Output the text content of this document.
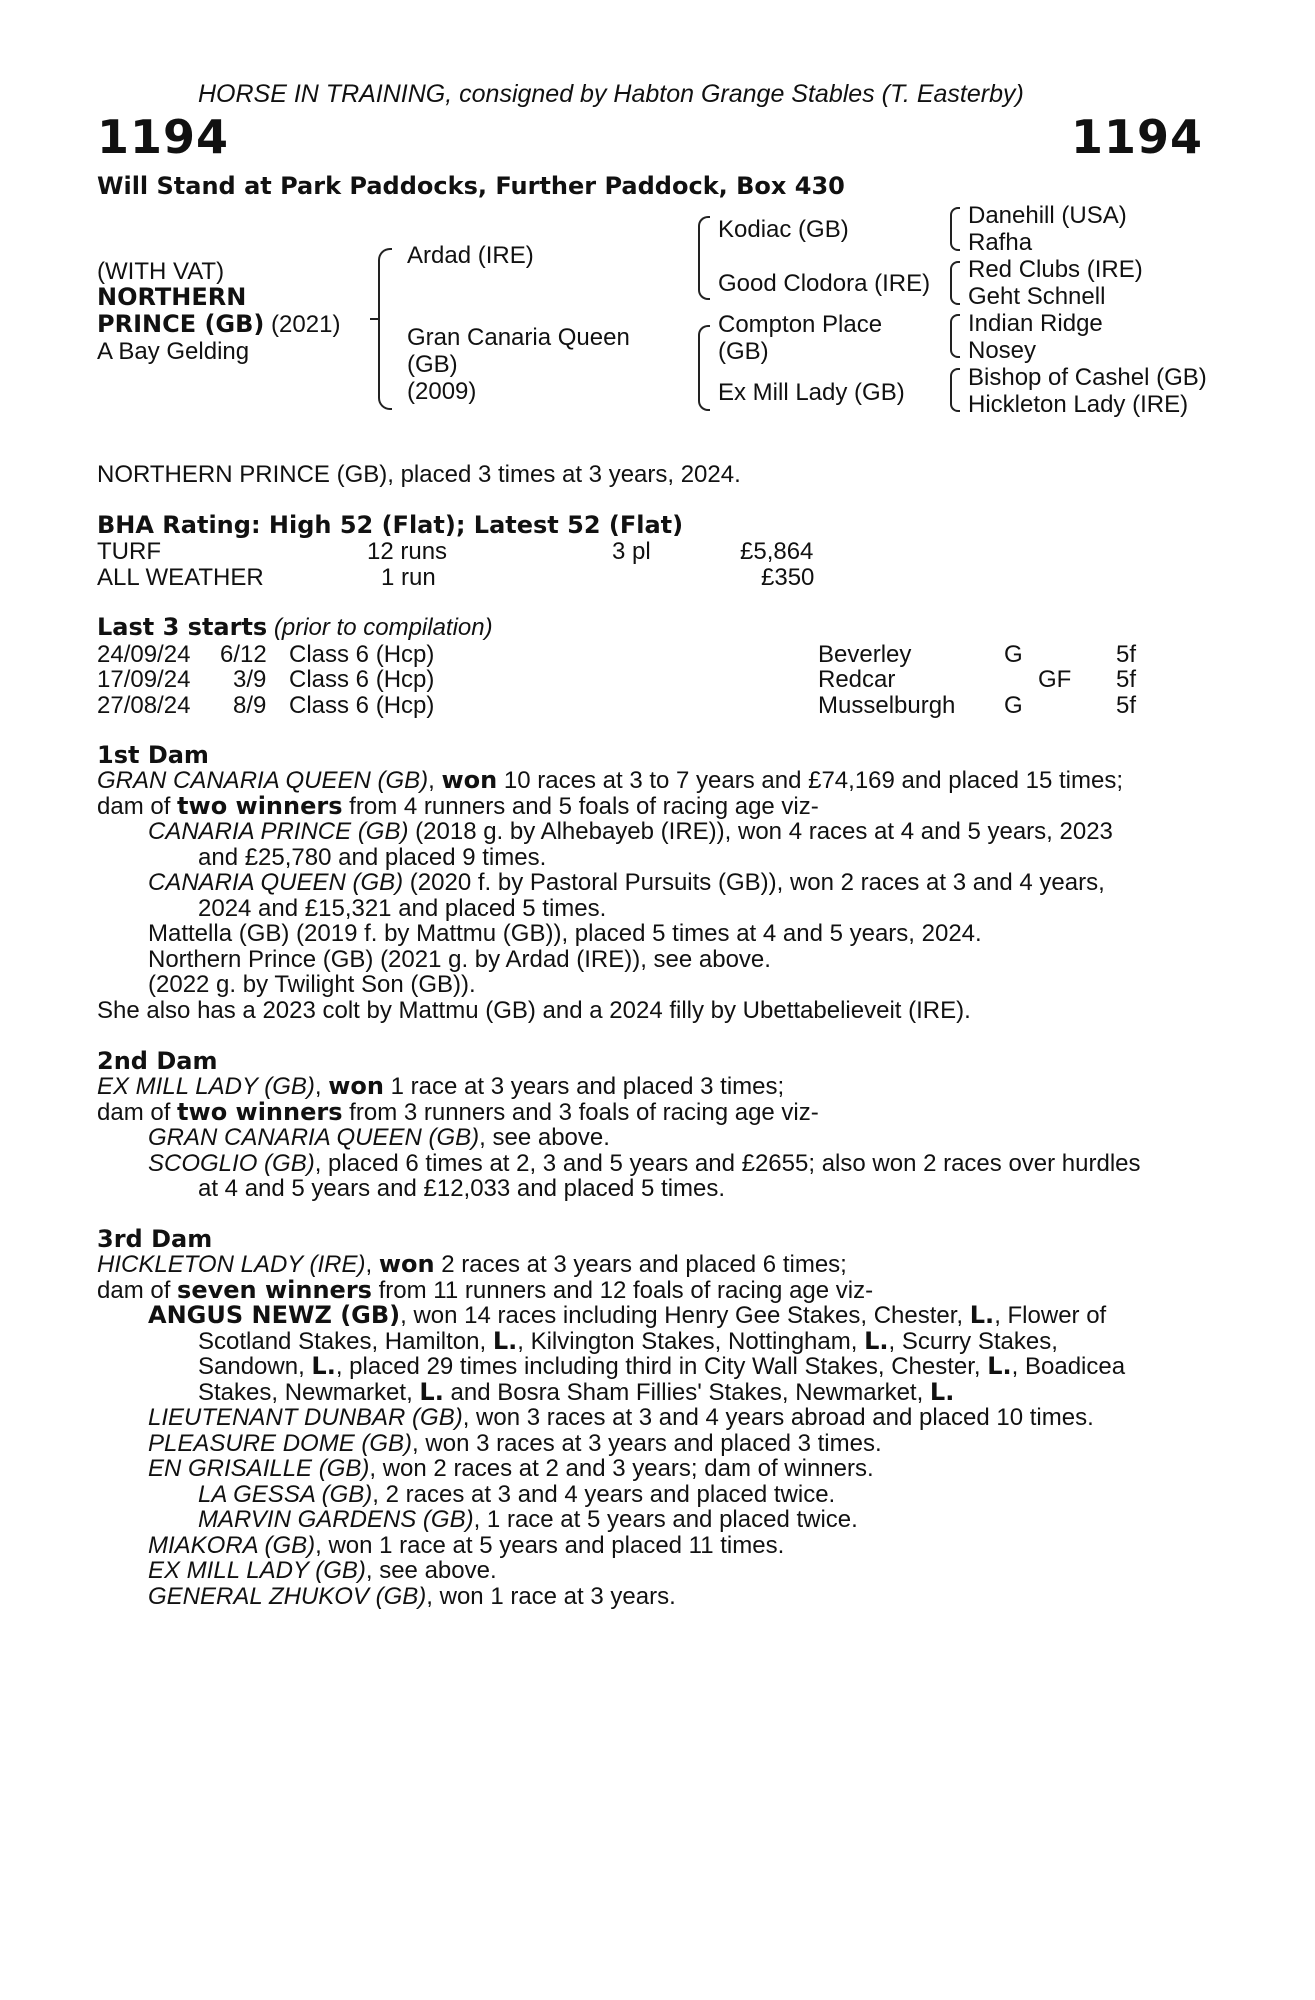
HORSE IN TRAINING, consigned by Habton Grange Stables (T. Easterby)
1194	1194
Will Stand at Park Paddocks, Further Paddock, Box 430
(WITH VAT)
NORTHERN
PRINCE (GB) (2021)
A Bay Gelding
Ardad (IRE)
Gran Canaria Queen
(GB)
(2009)
Kodiac (GB)
Good Clodora (IRE)
Compton Place
(GB)
Ex Mill Lady (GB)
Danehill (USA)
Rafha
Red Clubs (IRE)
Geht Schnell
Indian Ridge
Nosey
Bishop of Cashel (GB)
Hickleton Lady (IRE)
NORTHERN PRINCE (GB), placed 3 times at 3 years, 2024.
BHA Rating: High 52 (Flat); Latest 52 (Flat)
TURF	12 runs	3 pl	£5,864
ALL WEATHER	1 run	£350
Last 3 starts (prior to compilation)
24/09/24 6/12 Class 6 (Hcp)	Beverley	G	5f
17/09/24 3/9 Class 6 (Hcp)	Redcar	GF 5f
27/08/24 8/9 Class 6 (Hcp)	Musselburgh G	5f
1st Dam
GRAN CANARIA QUEEN (GB), won 10 races at 3 to 7 years and £74,169 and placed 15 times;
dam of two winners from 4 runners and 5 foals of racing age viz-
CANARIA PRINCE (GB) (2018 g. by Alhebayeb (IRE)), won 4 races at 4 and 5 years, 2023
and £25,780 and placed 9 times.
CANARIA QUEEN (GB) (2020 f. by Pastoral Pursuits (GB)), won 2 races at 3 and 4 years,
2024 and £15,321 and placed 5 times.
Mattella (GB) (2019 f. by Mattmu (GB)), placed 5 times at 4 and 5 years, 2024.
Northern Prince (GB) (2021 g. by Ardad (IRE)), see above.
(2022 g. by Twilight Son (GB)).
She also has a 2023 colt by Mattmu (GB) and a 2024 filly by Ubettabelieveit (IRE).
2nd Dam
EX MILL LADY (GB), won 1 race at 3 years and placed 3 times;
dam of two winners from 3 runners and 3 foals of racing age viz-
GRAN CANARIA QUEEN (GB), see above.
SCOGLIO (GB), placed 6 times at 2, 3 and 5 years and £2655; also won 2 races over hurdles
at 4 and 5 years and £12,033 and placed 5 times.
3rd Dam
HICKLETON LADY (IRE), won 2 races at 3 years and placed 6 times;
dam of seven winners from 11 runners and 12 foals of racing age viz-
ANGUS NEWZ (GB), won 14 races including Henry Gee Stakes, Chester, L., Flower of
Scotland Stakes, Hamilton, L., Kilvington Stakes, Nottingham, L., Scurry Stakes,
Sandown, L., placed 29 times including third in City Wall Stakes, Chester, L., Boadicea
Stakes, Newmarket, L. and Bosra Sham Fillies' Stakes, Newmarket, L.
LIEUTENANT DUNBAR (GB), won 3 races at 3 and 4 years abroad and placed 10 times.
PLEASURE DOME (GB), won 3 races at 3 years and placed 3 times.
EN GRISAILLE (GB), won 2 races at 2 and 3 years; dam of winners.
LA GESSA (GB), 2 races at 3 and 4 years and placed twice.
MARVIN GARDENS (GB), 1 race at 5 years and placed twice.
MIAKORA (GB), won 1 race at 5 years and placed 11 times.
EX MILL LADY (GB), see above.
GENERAL ZHUKOV (GB), won 1 race at 3 years.
